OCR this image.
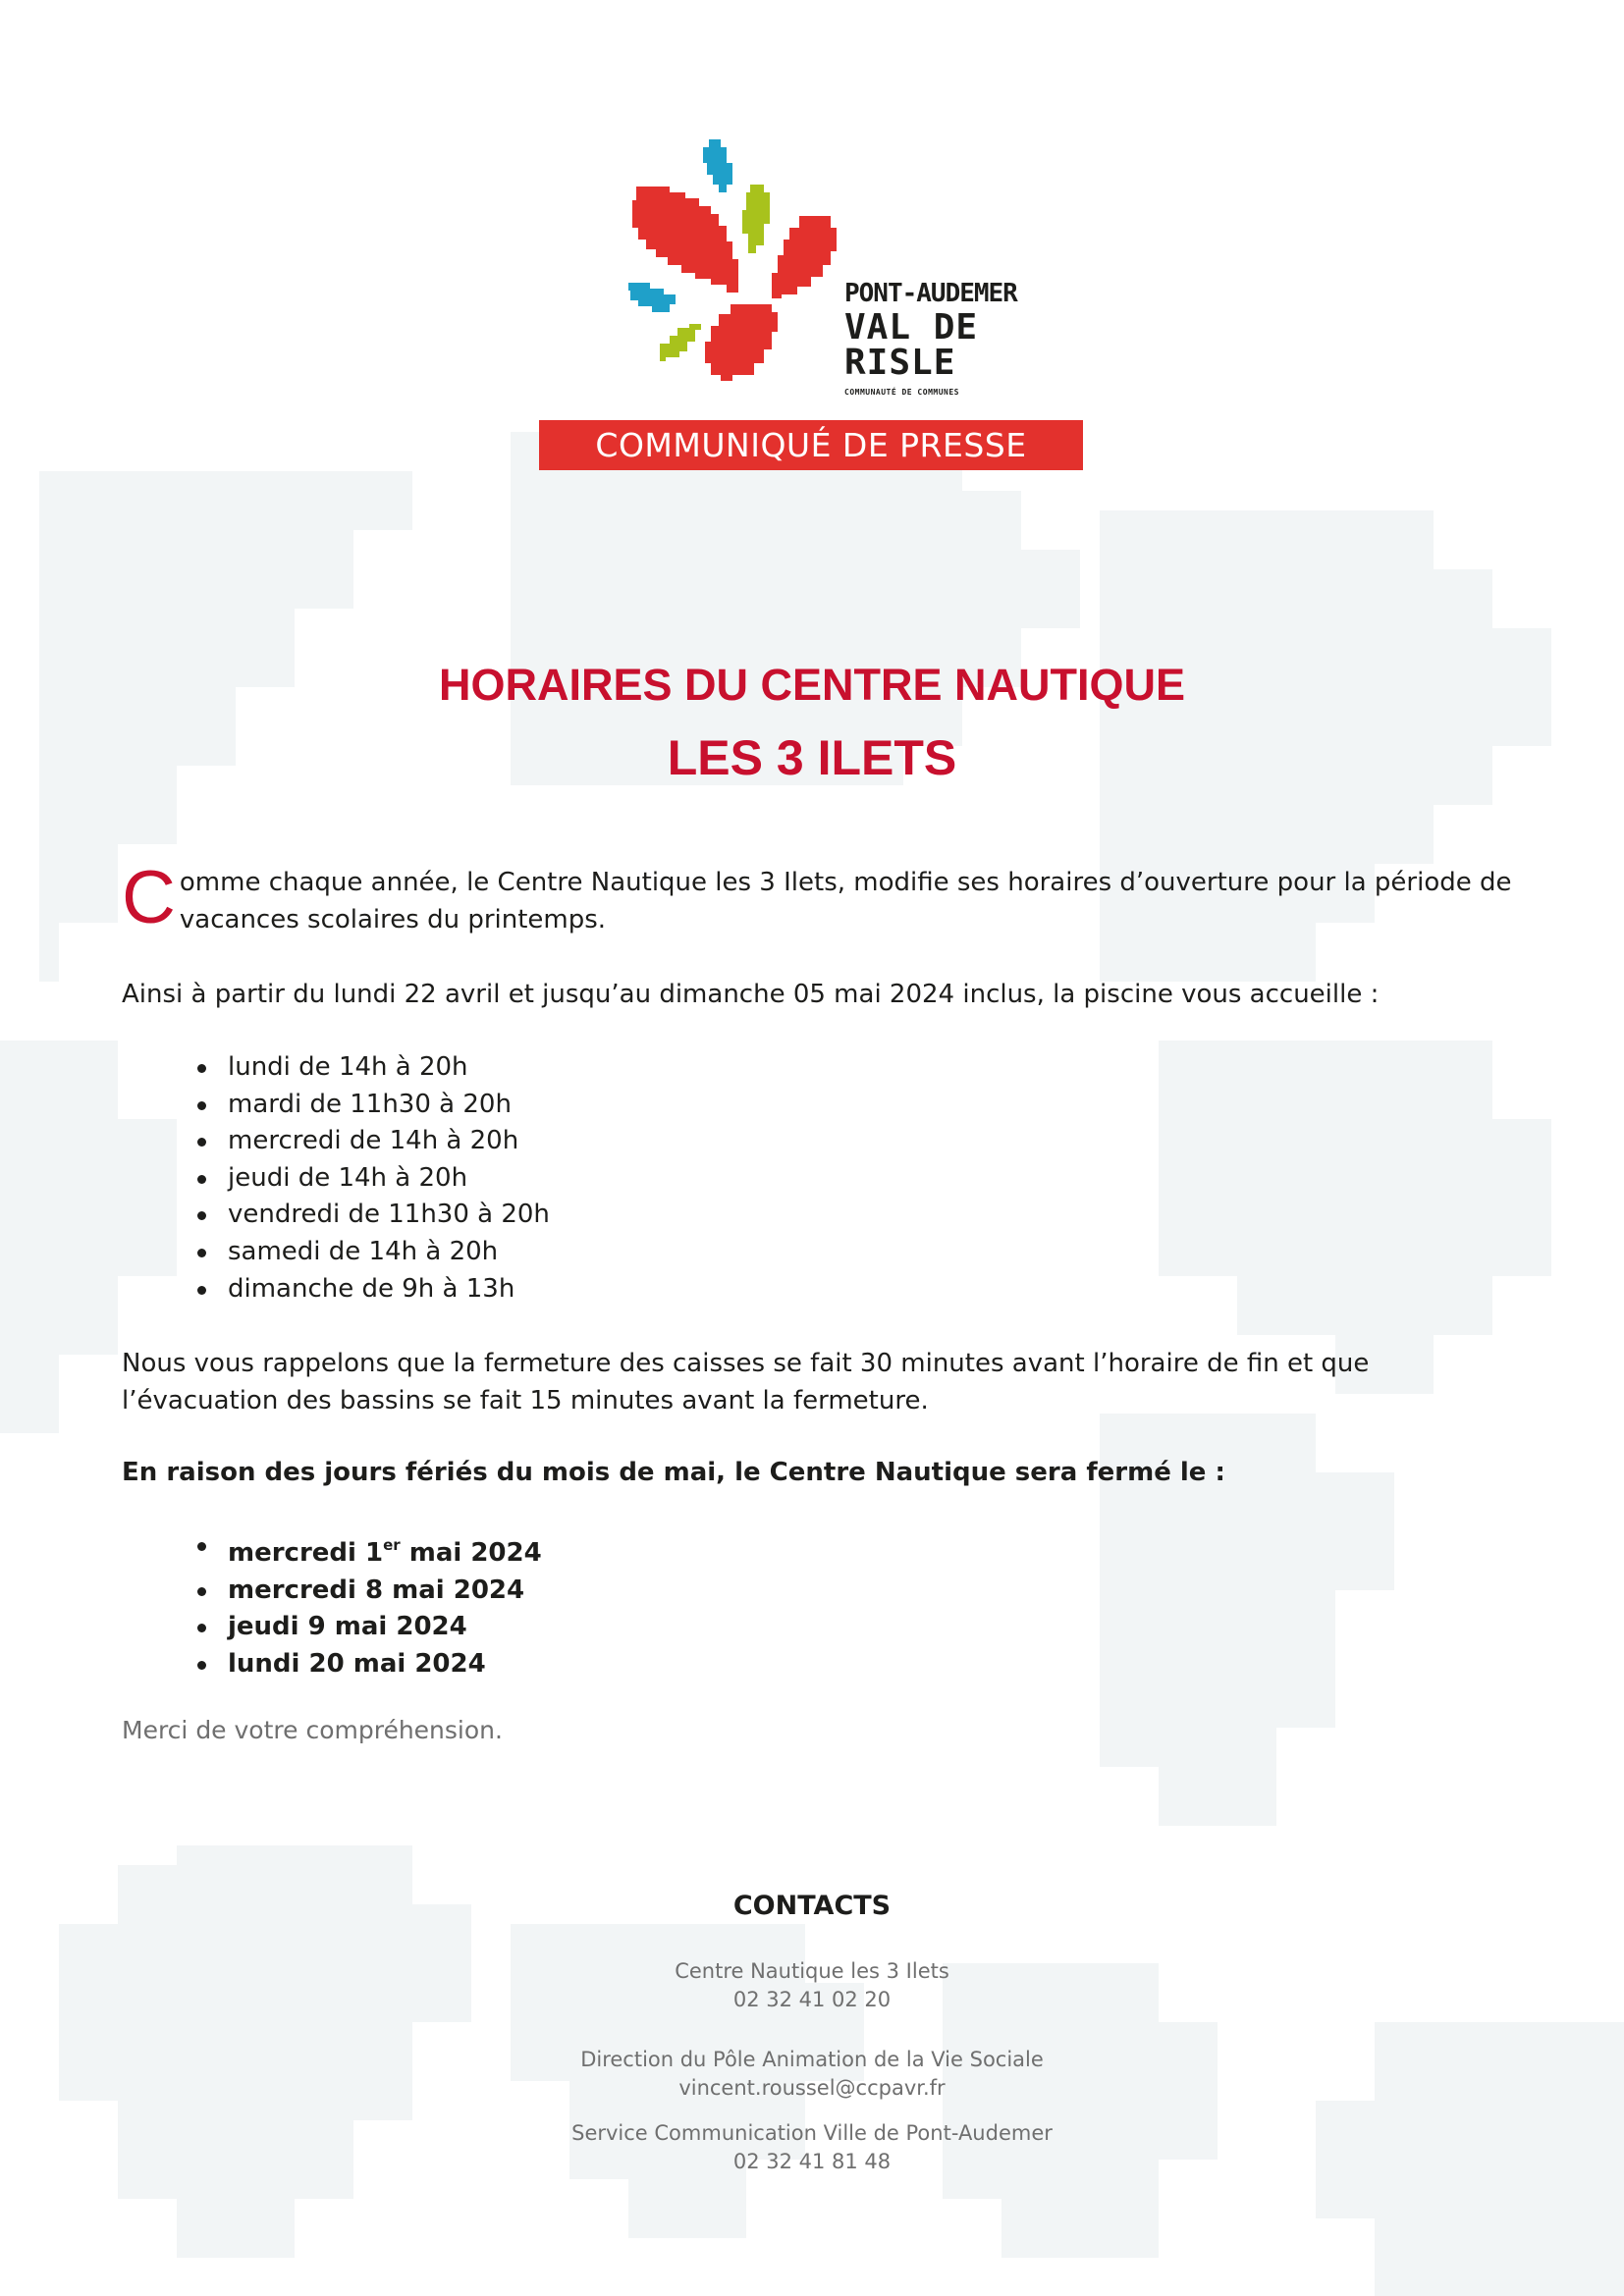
PONT-AUDEMER
VAL DE RISLE
COMMUNAUTÉ DE COMMUNES
COMMUNIQUÉ DE PRESSE
HORAIRES DU CENTRE NAUTIQUE
LES 3 ILETS
Comme chaque année, le Centre Nautique les 3 Ilets, modifie ses horaires d’ouverture pour la période de vacances scolaires du printemps.
Ainsi à partir du lundi 22 avril et jusqu’au dimanche 05 mai 2024 inclus, la piscine vous accueille :
lundi de 14h à 20h
mardi de 11h30 à 20h
mercredi de 14h à 20h
jeudi de 14h à 20h
vendredi de 11h30 à 20h
samedi de 14h à 20h
dimanche de 9h à 13h
Nous vous rappelons que la fermeture des caisses se fait 30 minutes avant l’horaire de fin et que l’évacuation des bassins se fait 15 minutes avant la fermeture.
En raison des jours fériés du mois de mai, le Centre Nautique sera fermé le :
mercredi 1er mai 2024
mercredi 8 mai 2024
jeudi 9 mai 2024
lundi 20 mai 2024
Merci de votre compréhension.
CONTACTS
Centre Nautique les 3 Ilets
02 32 41 02 20
Direction du Pôle Animation de la Vie Sociale
vincent.roussel@ccpavr.fr
Service Communication Ville de Pont-Audemer
02 32 41 81 48
